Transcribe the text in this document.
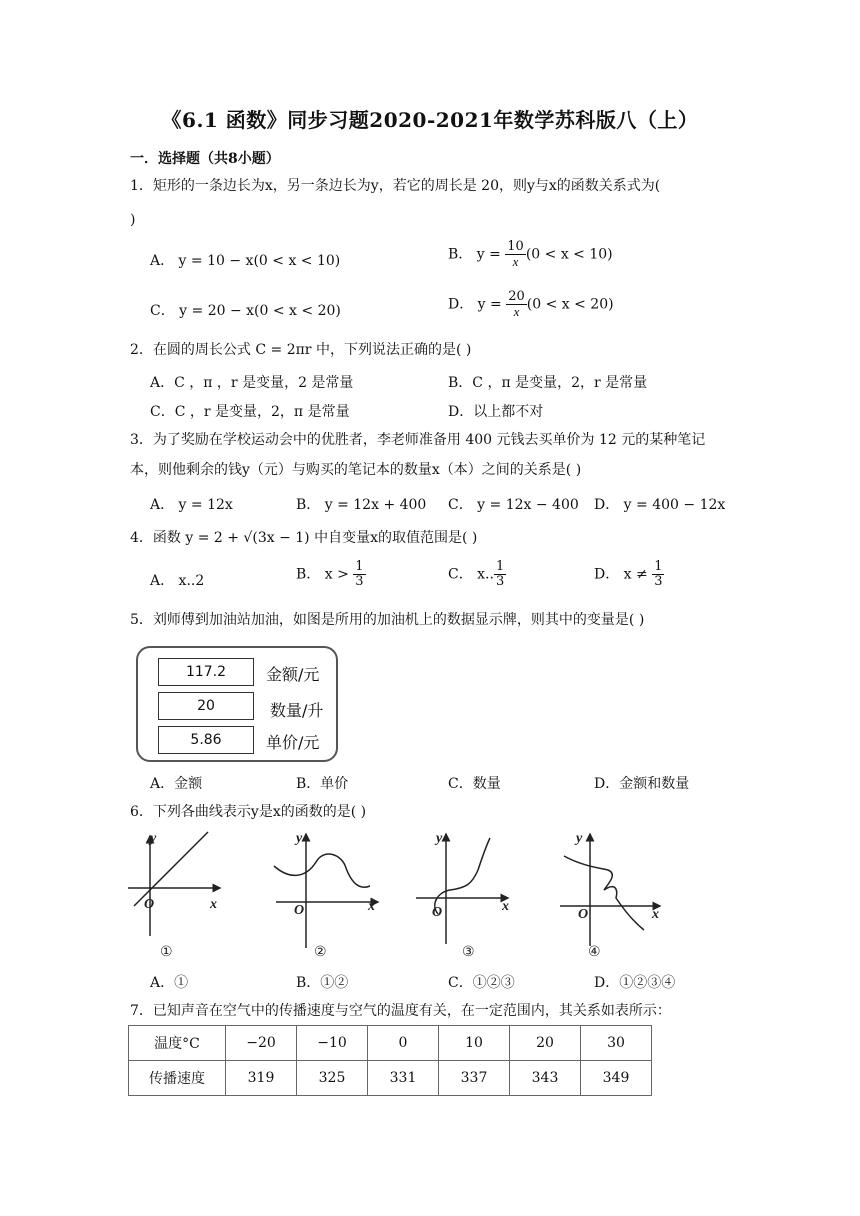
《6.1 函数》同步习题2020-2021年数学苏科版八（上）
一．选择题（共8小题）
1．矩形的一条边长为x，另一条边长为y，若它的周长是 20，则y与x的函数关系式为(
)
A． y = 10 − x(0 < x < 10)	B． $y = \frac{10}{x} (0 < x < 10)$
C． y = 20 − x(0 < x < 20)	D． $y = \frac{20}{x} (0 < x < 20)$
2．在圆的周长公式 C = 2πr 中，下列说法正确的是( )
A．C ，π ，r 是变量，2 是常量	B．C ，π 是变量，2，r 是常量
C．C ，r 是变量，2，π 是常量	D．以上都不对
3．为了奖励在学校运动会中的优胜者，李老师准备用 400 元钱去买单价为 12 元的某种笔记
本，则他剩余的钱y（元）与购买的笔记本的数量x（本）之间的关系是( )
A． y = 12x	B． y = 12x + 400 C． y = 12x − 400 D． y = 400 − 12x
4．函数 y = 2 + √(3x − 1) 中自变量x的取值范围是( )
A． x..2	B． $x > \frac{1}{3}$	C． x.. $\frac{1}{3}$	D． $x \ne \frac{1}{3}$
5．刘师傅到加油站加油，如图是所用的加油机上的数据显示牌，则其中的变量是( )
117.2	金额/元
20	数量/升
5.86	单价/元
A．金额	B．单价	C．数量	D．金额和数量
6．下列各曲线表示y是x的函数的是( )
x
y
O	x
y
O	x
y
O	x
y
O
①	②	③	④
A．①	B．①②	C．①②③	D．①②③④
7．已知声音在空气中的传播速度与空气的温度有关，在一定范围内，其关系如表所示：
温度°C	−20	−10	0	10	20	30
传播速度	319	325	331	337	343	349
